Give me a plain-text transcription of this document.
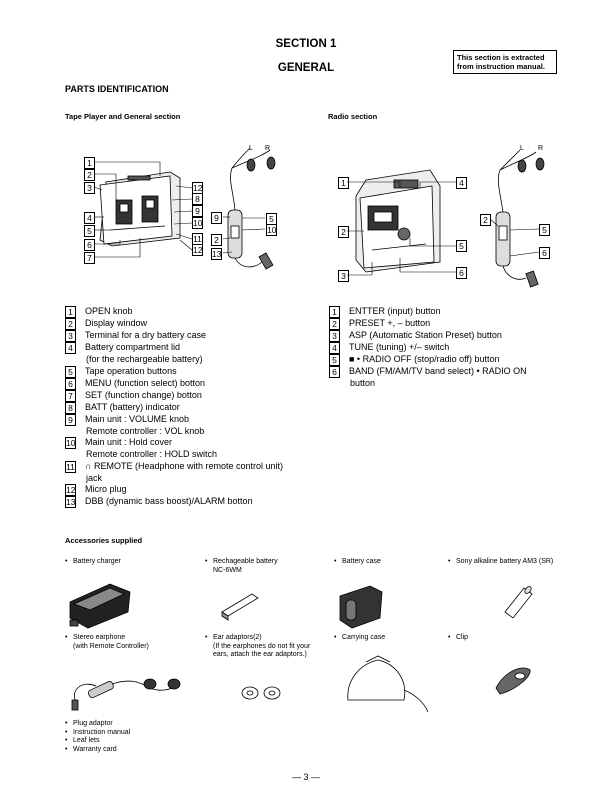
SECTION 1
GENERAL
This section is extracted
from instruction manual.
PARTS IDENTIFICATION
Tape Player and General section	Radio section
1
2
3
4
5
6
7
12
8
9
10
11
12
9
2
13
5
10
L R
1
2
3
4
5
6
2
5
6
L R
1 OPEN knob
2 Display window
3 Terminal for a dry battery case
4 Battery compartment lid
(for the rechargeable battery)
5 Tape operation buttons
6 MENU (function select) botton
7 SET (function change) botton
8 BATT (battery) indicator
9 Main unit : VOLUME knob
Remote controller : VOL knob
10 Main unit : Hold cover
Remote controller : HOLD switch
11 ∩ REMOTE (Headphone with remote control unit)
jack
12 Micro plug
13 DBB (dynamic bass boost)/ALARM botton
1 ENTTER (input) button
2 PRESET +, – button
3 ASP (Automatic Station Preset) button
4 TUNE (tuning) +/– switch
5 ■ • RADIO OFF (stop/radio off) button
6 BAND (FM/AM/TV band select) • RADIO ON
button
Accessories supplied
• Battery charger	• Rechageable battery
NC-6WM
• Battery case	• Sony alkaline battery AM3 (SR)
• Stereo earphone
(with Remote Controller)
• Ear adaptors(2)
(If the earphones do not fit your
ears, attach the ear adaptors.)
• Carrying case	• Clip
• Plug adaptor
• Instruction manual
• Leaf lets
• Warranty card
— 3 —
